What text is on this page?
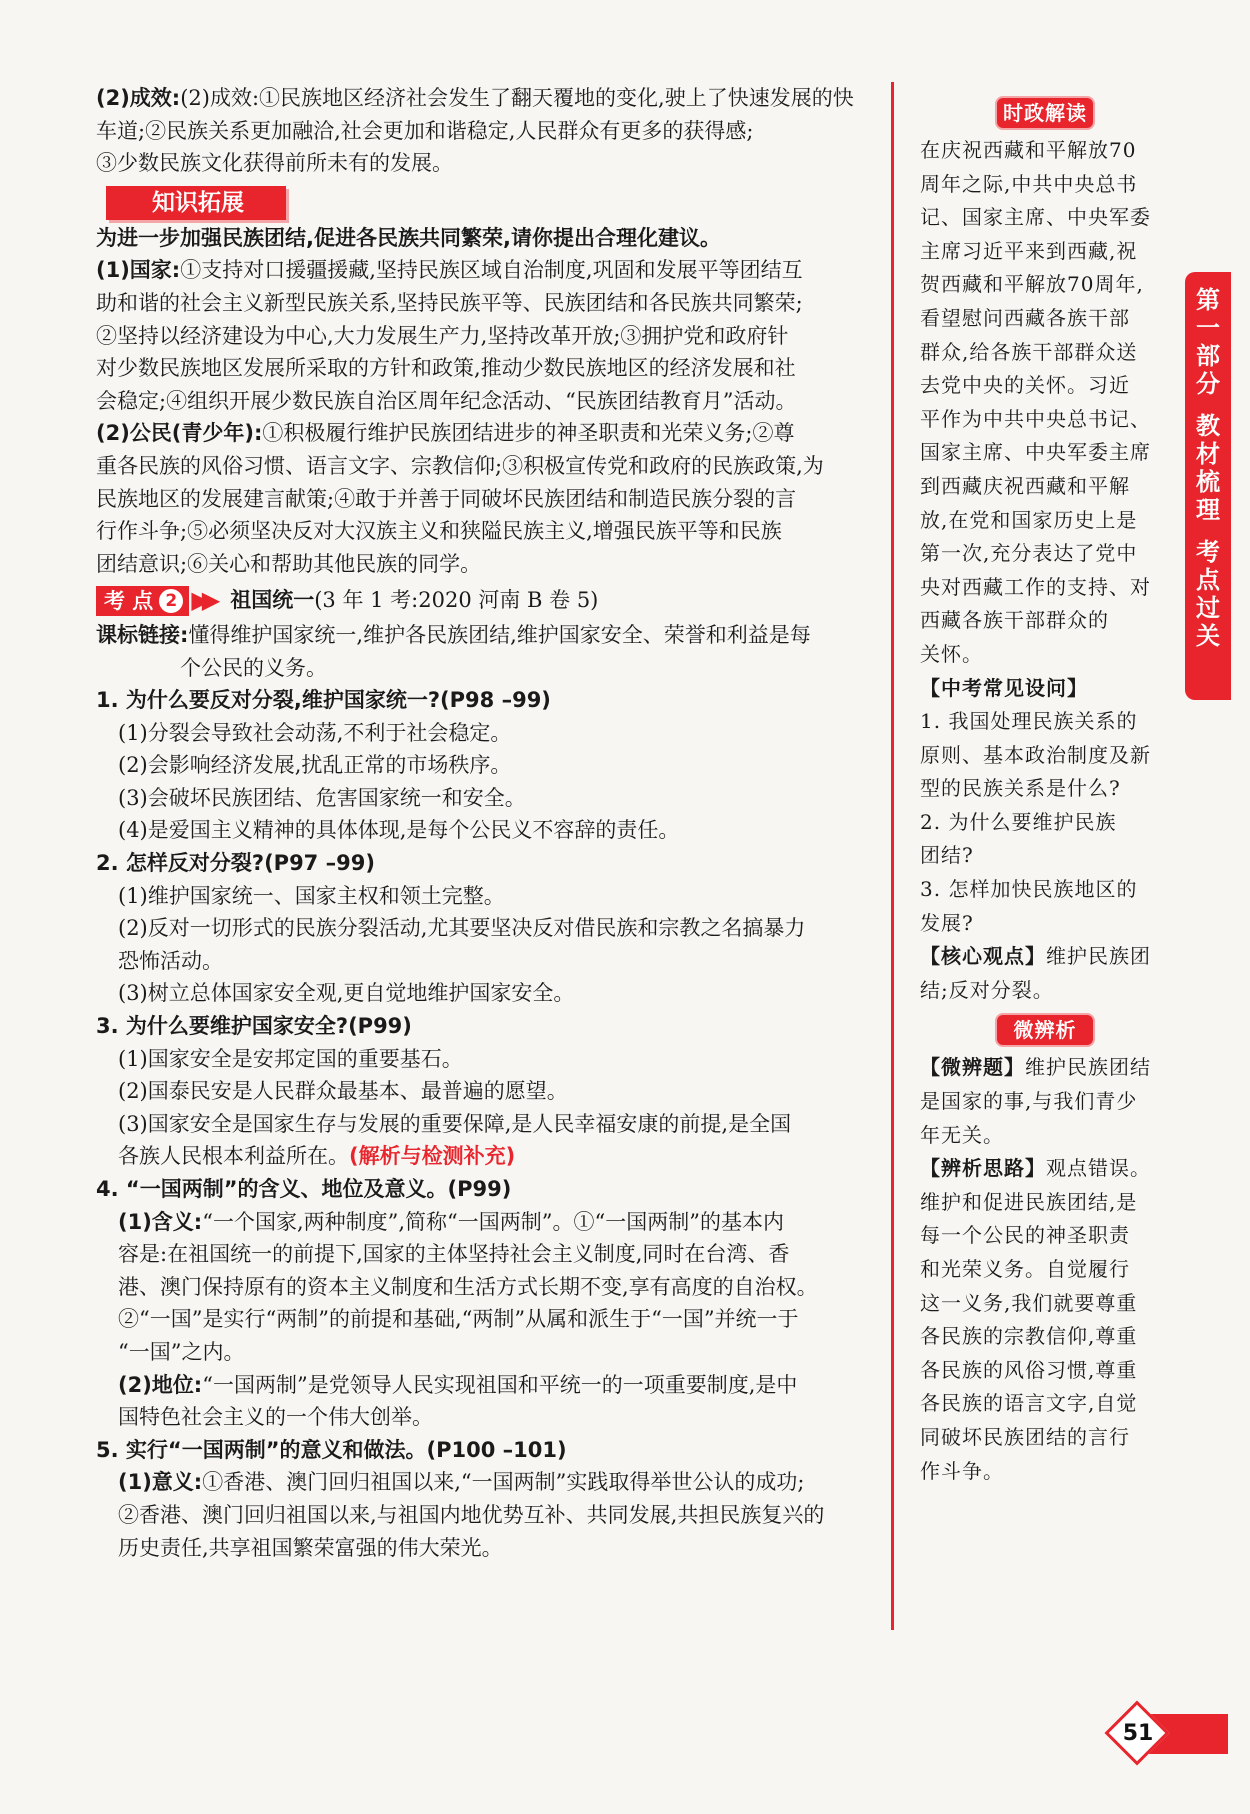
(2)成效:(2)成效:①民族地区经济社会发生了翻天覆地的变化,驶上了快速发展的快

车道;②民族关系更加融洽,社会更加和谐稳定,人民群众有更多的获得感;

③少数民族文化获得前所未有的发展。

知识拓展

为进一步加强民族团结,促进各民族共同繁荣,请你提出合理化建议。

(1)国家:①支持对口援疆援藏,坚持民族区域自治制度,巩固和发展平等团结互

助和谐的社会主义新型民族关系,坚持民族平等、民族团结和各民族共同繁荣;

②坚持以经济建设为中心,大力发展生产力,坚持改革开放;③拥护党和政府针

对少数民族地区发展所采取的方针和政策,推动少数民族地区的经济发展和社

会稳定;④组织开展少数民族自治区周年纪念活动、“民族团结教育月”活动。

(2)公民(青少年):①积极履行维护民族团结进步的神圣职责和光荣义务;②尊

重各民族的风俗习惯、语言文字、宗教信仰;③积极宣传党和政府的民族政策,为

民族地区的发展建言献策;④敢于并善于同破坏民族团结和制造民族分裂的言

行作斗争;⑤必须坚决反对大汉族主义和狭隘民族主义,增强民族平等和民族

团结意识;⑥关心和帮助其他民族的同学。

考 点 2 ▶▶ 祖国统一 (3 年 1 考:2020 河南 B 卷 5)

课标链接:懂得维护国家统一,维护各民族团结,维护国家安全、荣誉和利益是每

个公民的义务。

1. 为什么要反对分裂,维护国家统一?(P98 –99)

(1)分裂会导致社会动荡,不利于社会稳定。

(2)会影响经济发展,扰乱正常的市场秩序。

(3)会破坏民族团结、危害国家统一和安全。

(4)是爱国主义精神的具体体现,是每个公民义不容辞的责任。

2. 怎样反对分裂?(P97 –99)

(1)维护国家统一、国家主权和领土完整。

(2)反对一切形式的民族分裂活动,尤其要坚决反对借民族和宗教之名搞暴力

恐怖活动。

(3)树立总体国家安全观,更自觉地维护国家安全。

3. 为什么要维护国家安全?(P99)

(1)国家安全是安邦定国的重要基石。

(2)国泰民安是人民群众最基本、最普遍的愿望。

(3)国家安全是国家生存与发展的重要保障,是人民幸福安康的前提,是全国

各族人民根本利益所在。(解析与检测补充)

4. “一国两制”的含义、地位及意义。(P99)

(1)含义:“一个国家,两种制度”,简称“一国两制”。①“一国两制”的基本内

容是:在祖国统一的前提下,国家的主体坚持社会主义制度,同时在台湾、香

港、澳门保持原有的资本主义制度和生活方式长期不变,享有高度的自治权。

②“一国”是实行“两制”的前提和基础,“两制”从属和派生于“一国”并统一于

“一国”之内。

(2)地位:“一国两制”是党领导人民实现祖国和平统一的一项重要制度,是中

国特色社会主义的一个伟大创举。

5. 实行“一国两制”的意义和做法。(P100 –101)

(1)意义:①香港、澳门回归祖国以来,“一国两制”实践取得举世公认的成功;

②香港、澳门回归祖国以来,与祖国内地优势互补、共同发展,共担民族复兴的

历史责任,共享祖国繁荣富强的伟大荣光。

时政解读

在庆祝西藏和平解放70

周年之际,中共中央总书

记、国家主席、中央军委

主席习近平来到西藏,祝

贺西藏和平解放70周年,

看望慰问西藏各族干部

群众,给各族干部群众送

去党中央的关怀。习近

平作为中共中央总书记、

国家主席、中央军委主席

到西藏庆祝西藏和平解

放,在党和国家历史上是

第一次,充分表达了党中

央对西藏工作的支持、对

西藏各族干部群众的

关怀。

【中考常见设问】

1. 我国处理民族关系的

原则、基本政治制度及新

型的民族关系是什么?

2. 为什么要维护民族

团结?

3. 怎样加快民族地区的

发展?

【核心观点】维护民族团

结;反对分裂。

微辨析

【微辨题】维护民族团结

是国家的事,与我们青少

年无关。

【辨析思路】观点错误。

维护和促进民族团结,是

每一个公民的神圣职责

和光荣义务。自觉履行

这一义务,我们就要尊重

各民族的宗教信仰,尊重

各民族的风俗习惯,尊重

各民族的语言文字,自觉

同破坏民族团结的言行

作斗争。

第
一
部
分
教
材
梳
理
考
点
过
关
51
